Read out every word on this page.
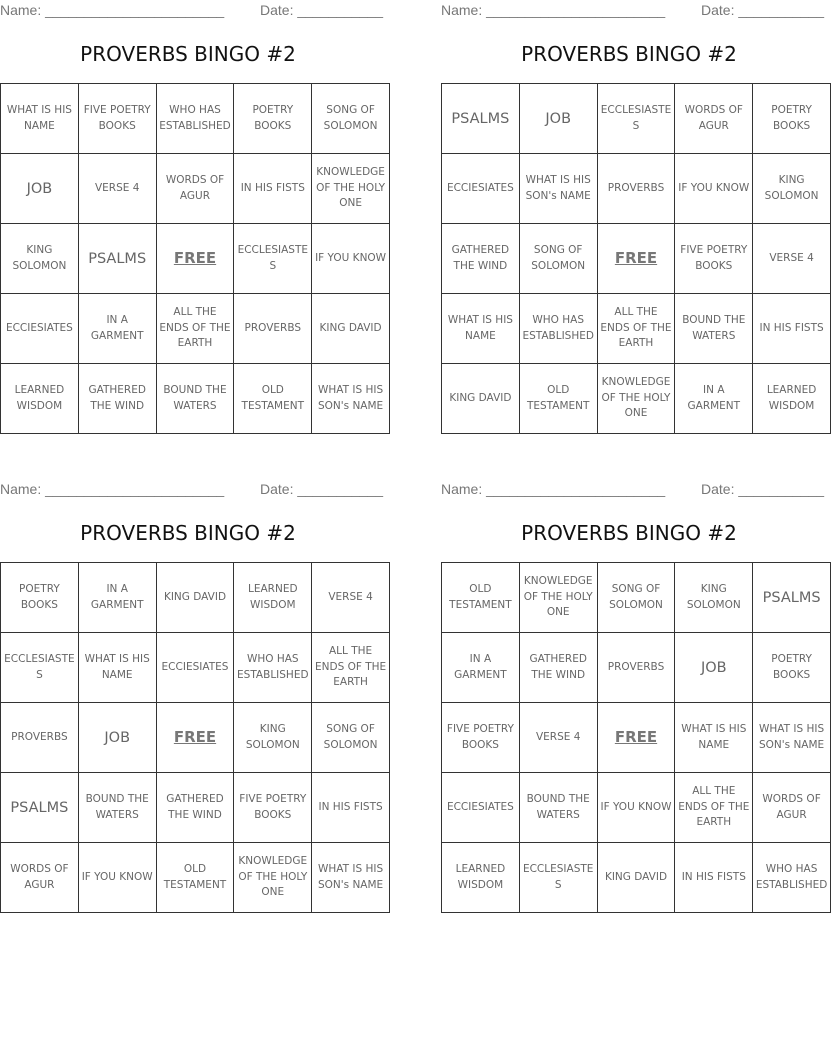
Name: _______________________	Date: ___________
PROVERBS BINGO #2
WHAT IS HIS NAME	FIVE POETRY BOOKS	WHO HAS ESTABLISHED	POETRY BOOKS	SONG OF SOLOMON
JOB	VERSE 4	WORDS OF AGUR	IN HIS FISTS	KNOWLEDGE OF THE HOLY ONE
KING SOLOMON	PSALMS	FREE	ECCLESIASTES	IF YOU KNOW
ECCIESIATES	IN A GARMENT	ALL THE ENDS OF THE EARTH	PROVERBS	KING DAVID
LEARNED WISDOM	GATHERED THE WIND	BOUND THE WATERS	OLD TESTAMENT	WHAT IS HIS SON's NAME
Name: _______________________	Date: ___________
PROVERBS BINGO #2
PSALMS	JOB	ECCLESIASTES	WORDS OF AGUR	POETRY BOOKS
ECCIESIATES	WHAT IS HIS SON's NAME	PROVERBS	IF YOU KNOW	KING SOLOMON
GATHERED THE WIND	SONG OF SOLOMON	FREE	FIVE POETRY BOOKS	VERSE 4
WHAT IS HIS NAME	WHO HAS ESTABLISHED	ALL THE ENDS OF THE EARTH	BOUND THE WATERS	IN HIS FISTS
KING DAVID	OLD TESTAMENT	KNOWLEDGE OF THE HOLY ONE	IN A GARMENT	LEARNED WISDOM
Name: _______________________	Date: ___________
PROVERBS BINGO #2
POETRY BOOKS	IN A GARMENT	KING DAVID	LEARNED WISDOM	VERSE 4
ECCLESIASTES	WHAT IS HIS NAME	ECCIESIATES	WHO HAS ESTABLISHED	ALL THE ENDS OF THE EARTH
PROVERBS	JOB	FREE	KING SOLOMON	SONG OF SOLOMON
PSALMS	BOUND THE WATERS	GATHERED THE WIND	FIVE POETRY BOOKS	IN HIS FISTS
WORDS OF AGUR	IF YOU KNOW	OLD TESTAMENT	KNOWLEDGE OF THE HOLY ONE	WHAT IS HIS SON's NAME
Name: _______________________	Date: ___________
PROVERBS BINGO #2
OLD TESTAMENT	KNOWLEDGE OF THE HOLY ONE	SONG OF SOLOMON	KING SOLOMON	PSALMS
IN A GARMENT	GATHERED THE WIND	PROVERBS	JOB	POETRY BOOKS
FIVE POETRY BOOKS	VERSE 4	FREE	WHAT IS HIS NAME	WHAT IS HIS SON's NAME
ECCIESIATES	BOUND THE WATERS	IF YOU KNOW	ALL THE ENDS OF THE EARTH	WORDS OF AGUR
LEARNED WISDOM	ECCLESIASTES	KING DAVID	IN HIS FISTS	WHO HAS ESTABLISHED
